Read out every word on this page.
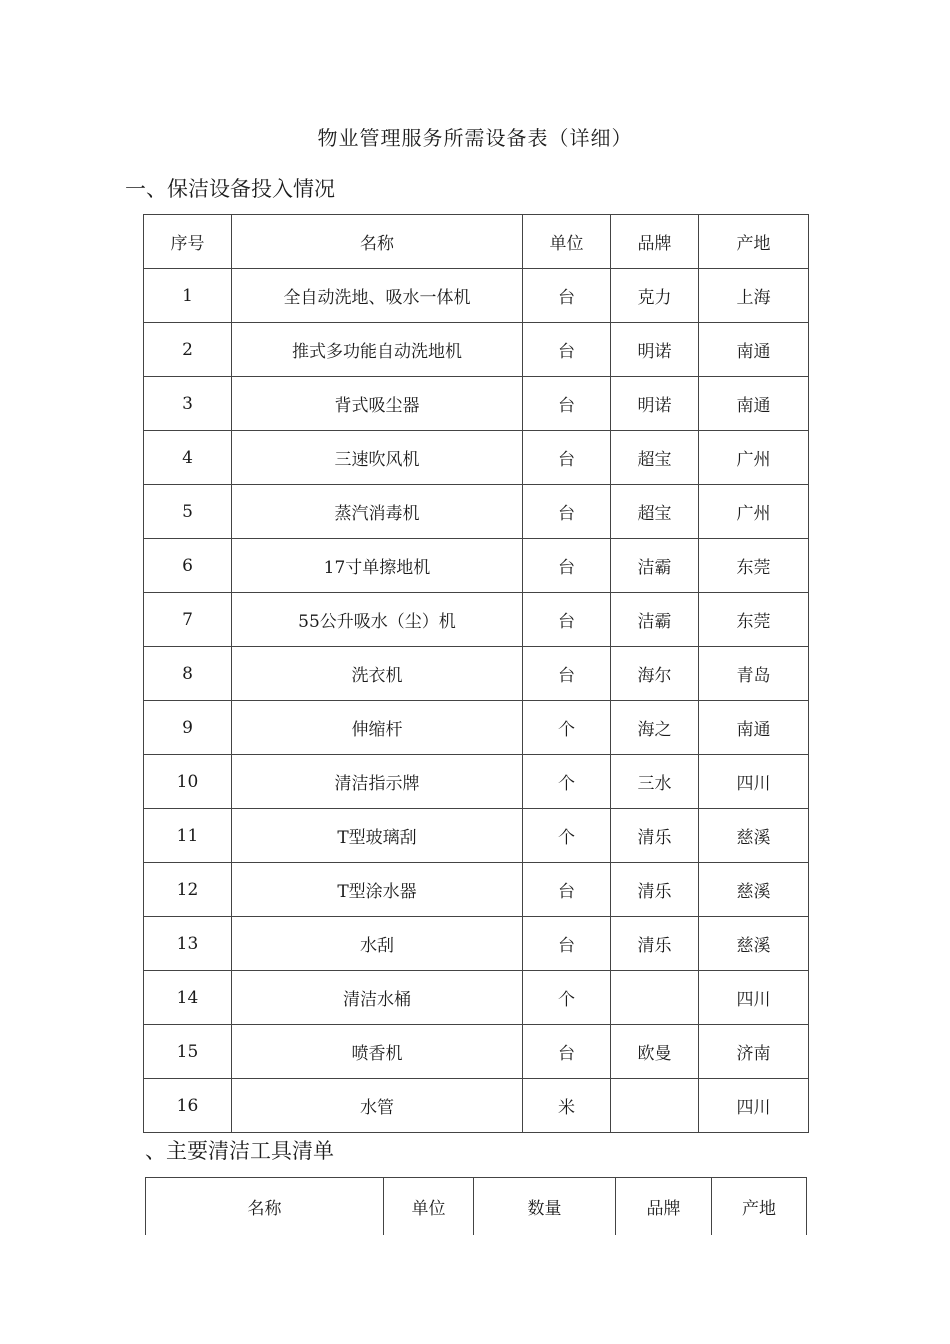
物业管理服务所需设备表（详细）
一、保洁设备投入情况
序号	名称	单位	品牌	产地
1	全自动洗地、吸水一体机	台	克力	上海
2	推式多功能自动洗地机	台	明诺	南通
3	背式吸尘器	台	明诺	南通
4	三速吹风机	台	超宝	广州
5	蒸汽消毒机	台	超宝	广州
6	17寸单擦地机	台	洁霸	东莞
7	55公升吸水（尘）机	台	洁霸	东莞
8	洗衣机	台	海尔	青岛
9	伸缩杆	个	海之	南通
10	清洁指示牌	个	三水	四川
11	T型玻璃刮	个	清乐	慈溪
12	T型涂水器	台	清乐	慈溪
13	水刮	台	清乐	慈溪
14	清洁水桶	个		四川
15	喷香机	台	欧曼	济南
16	水管	米		四川
、主要清洁工具清单
名称	单位	数量	品牌	产地
